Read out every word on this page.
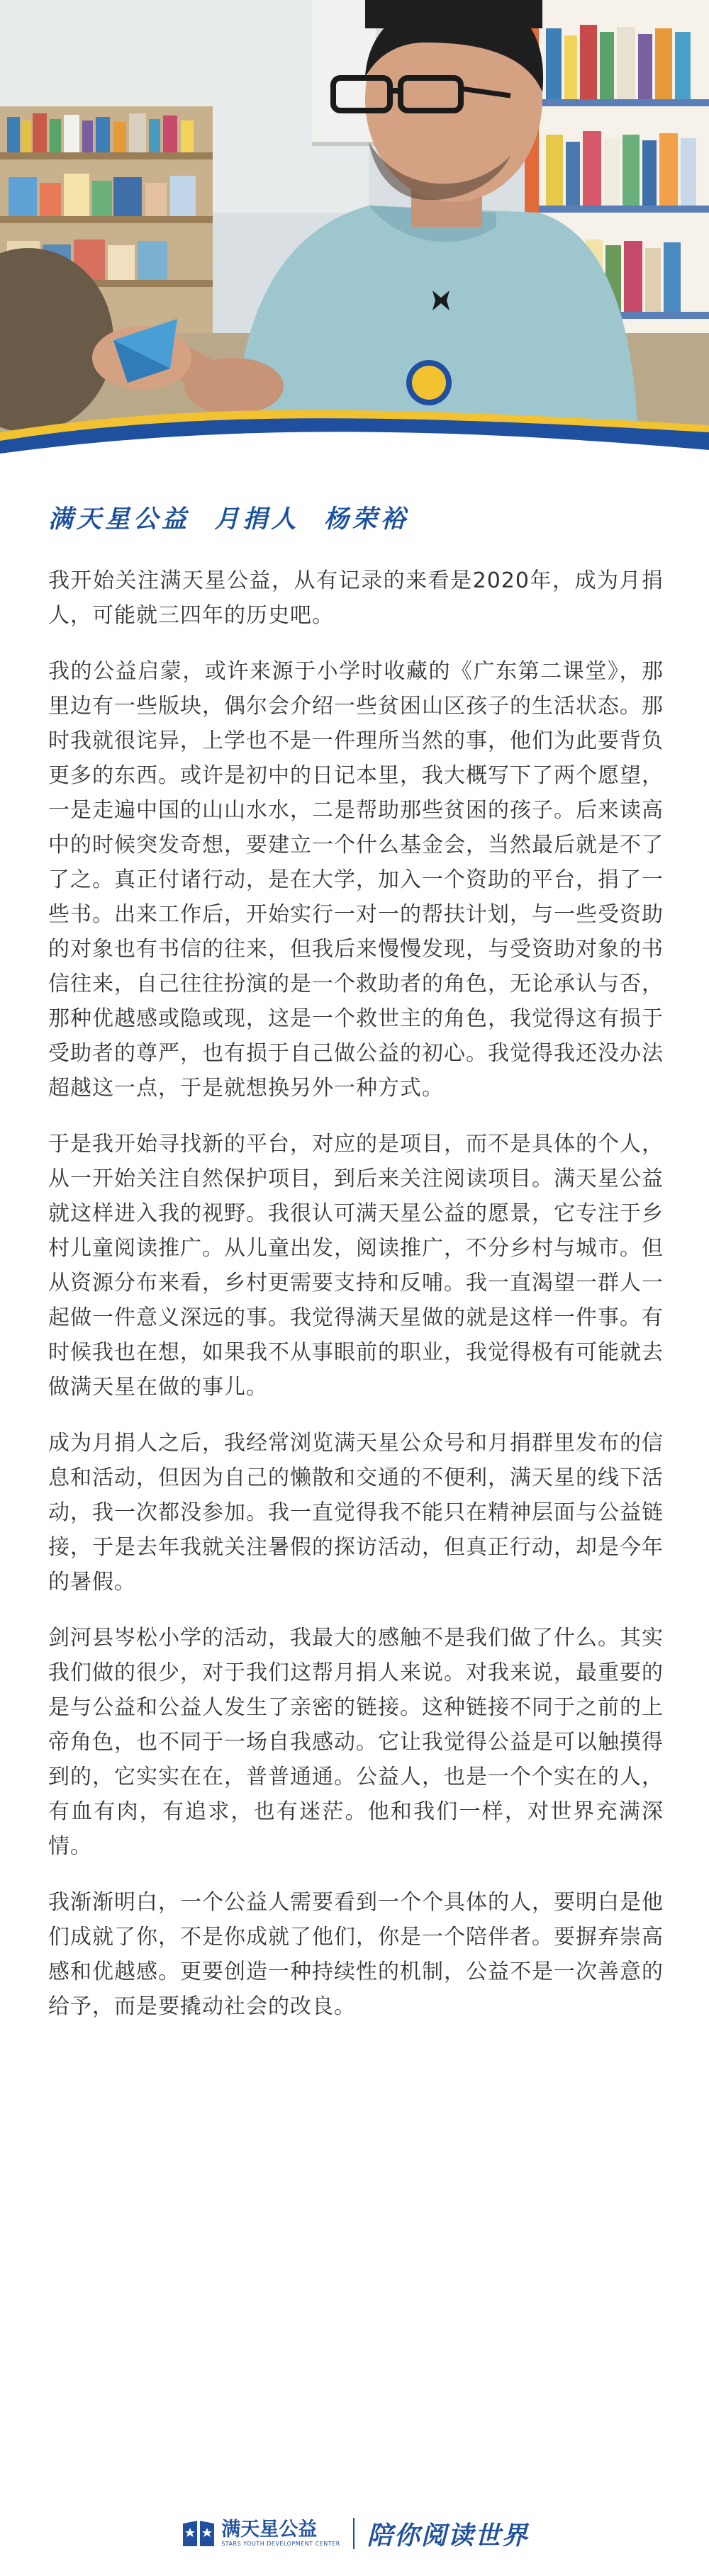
满天星公益  月捐人  杨荣裕

我开始关注满天星公益，从有记录的来看是2020年，成为月捐人，可能就三四年的历史吧。

我的公益启蒙，或许来源于小学时收藏的《广东第二课堂》，那里边有一些版块，偶尔会介绍一些贫困山区孩子的生活状态。那时我就很诧异，上学也不是一件理所当然的事，他们为此要背负更多的东西。或许是初中的日记本里，我大概写下了两个愿望，一是走遍中国的山山水水，二是帮助那些贫困的孩子。后来读高中的时候突发奇想，要建立一个什么基金会，当然最后就是不了了之。真正付诸行动，是在大学，加入一个资助的平台，捐了一些书。出来工作后，开始实行一对一的帮扶计划，与一些受资助的对象也有书信的往来，但我后来慢慢发现，与受资助对象的书信往来，自己往往扮演的是一个救助者的角色，无论承认与否，那种优越感或隐或现，这是一个救世主的角色，我觉得这有损于受助者的尊严，也有损于自己做公益的初心。我觉得我还没办法超越这一点，于是就想换另外一种方式。

于是我开始寻找新的平台，对应的是项目，而不是具体的个人，从一开始关注自然保护项目，到后来关注阅读项目。满天星公益就这样进入我的视野。我很认可满天星公益的愿景，它专注于乡村儿童阅读推广。从儿童出发，阅读推广，不分乡村与城市。但从资源分布来看，乡村更需要支持和反哺。我一直渴望一群人一起做一件意义深远的事。我觉得满天星做的就是这样一件事。有时候我也在想，如果我不从事眼前的职业，我觉得极有可能就去做满天星在做的事儿。

成为月捐人之后，我经常浏览满天星公众号和月捐群里发布的信息和活动，但因为自己的懒散和交通的不便利，满天星的线下活动，我一次都没参加。我一直觉得我不能只在精神层面与公益链接，于是去年我就关注暑假的探访活动，但真正行动，却是今年的暑假。

剑河县岑松小学的活动，我最大的感触不是我们做了什么。其实我们做的很少，对于我们这帮月捐人来说。对我来说，最重要的是与公益和公益人发生了亲密的链接。这种链接不同于之前的上帝角色，也不同于一场自我感动。它让我觉得公益是可以触摸得到的，它实实在在，普普通通。公益人，也是一个个实在的人，有血有肉，有追求，也有迷茫。他和我们一样，对世界充满深情。

我渐渐明白，一个公益人需要看到一个个具体的人，要明白是他们成就了你，不是你成就了他们，你是一个陪伴者。要摒弃崇高感和优越感。更要创造一种持续性的机制，公益不是一次善意的给予，而是要撬动社会的改良。

满天星公益
STARS YOUTH DEVELOPMENT CENTER 陪你阅读世界
